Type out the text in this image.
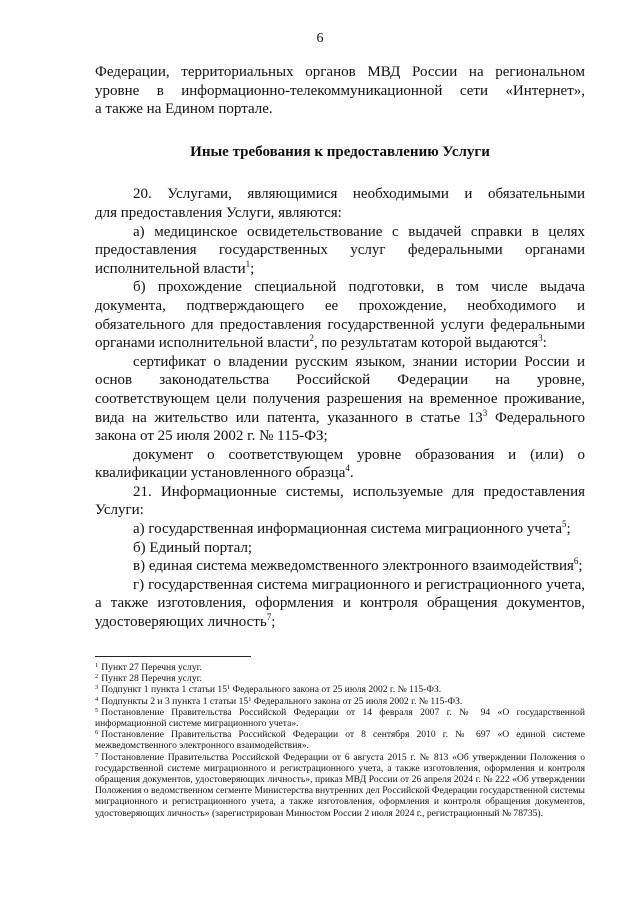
6

Федерации, территориальных органов МВД России на региональном

уровне в информационно-телекоммуникационной сети «Интернет»,

а также на Едином портале.

Иные требования к предоставлению Услуги

20. Услугами, являющимися необходимыми и обязательными

для предоставления Услуги, являются:

а) медицинское освидетельствование с выдачей справки в целях предоставления государственных услуг федеральными органами исполнительной власти$^1$;

б) прохождение специальной подготовки, в том числе выдача документа, подтверждающего ее прохождение, необходимого и обязательного для предоставления государственной услуги федеральными органами исполнительной власти$^2$, по результатам которой выдаются$^3$:

сертификат о владении русским языком, знании истории России и основ законодательства Российской Федерации на уровне, соответствующем цели получения разрешения на временное проживание, вида на жительство или патента, указанного в статье $13^3$ Федерального закона от 25 июля 2002 г. № 115-ФЗ;

документ о соответствующем уровне образования и (или) о квалификации установленного образца$^4$.

21. Информационные системы, используемые для предоставления Услуги:

а) государственная информационная система миграционного учета$^5$;

б) Единый портал;

в) единая система межведомственного электронного взаимодействия$^6$;

г) государственная система миграционного и регистрационного учета, а также изготовления, оформления и контроля обращения документов, удостоверяющих личность$^7$;

$^1$ Пункт 27 Перечня услуг.

$^2$ Пункт 28 Перечня услуг.

$^3$ Подпункт 1 пункта 1 статьи $15^1$ Федерального закона от 25 июля 2002 г. № 115-ФЗ.

$^4$ Подпункты 2 и 3 пункта 1 статьи $15^1$ Федерального закона от 25 июля 2002 г. № 115-ФЗ.

$^5$ Постановление Правительства Российской Федерации от 14 февраля 2007 г. № 94 «О государственной информационной системе миграционного учета».

$^6$ Постановление Правительства Российской Федерации от 8 сентября 2010 г. № 697 «О единой системе межведомственного электронного взаимодействия».

$^7$ Постановление Правительства Российской Федерации от 6 августа 2015 г. № 813 «Об утверждении Положения о государственной системе миграционного и регистрационного учета, а также изготовления, оформления и контроля обращения документов, удостоверяющих личность», приказ МВД России от 26 апреля 2024 г. № 222 «Об утверждении Положения о ведомственном сегменте Министерства внутренних дел Российской Федерации государственной системы миграционного и регистрационного учета, а также изготовления, оформления и контроля обращения документов, удостоверяющих личность» (зарегистрирован Минюстом России 2 июля 2024 г., регистрационный № 78735).
